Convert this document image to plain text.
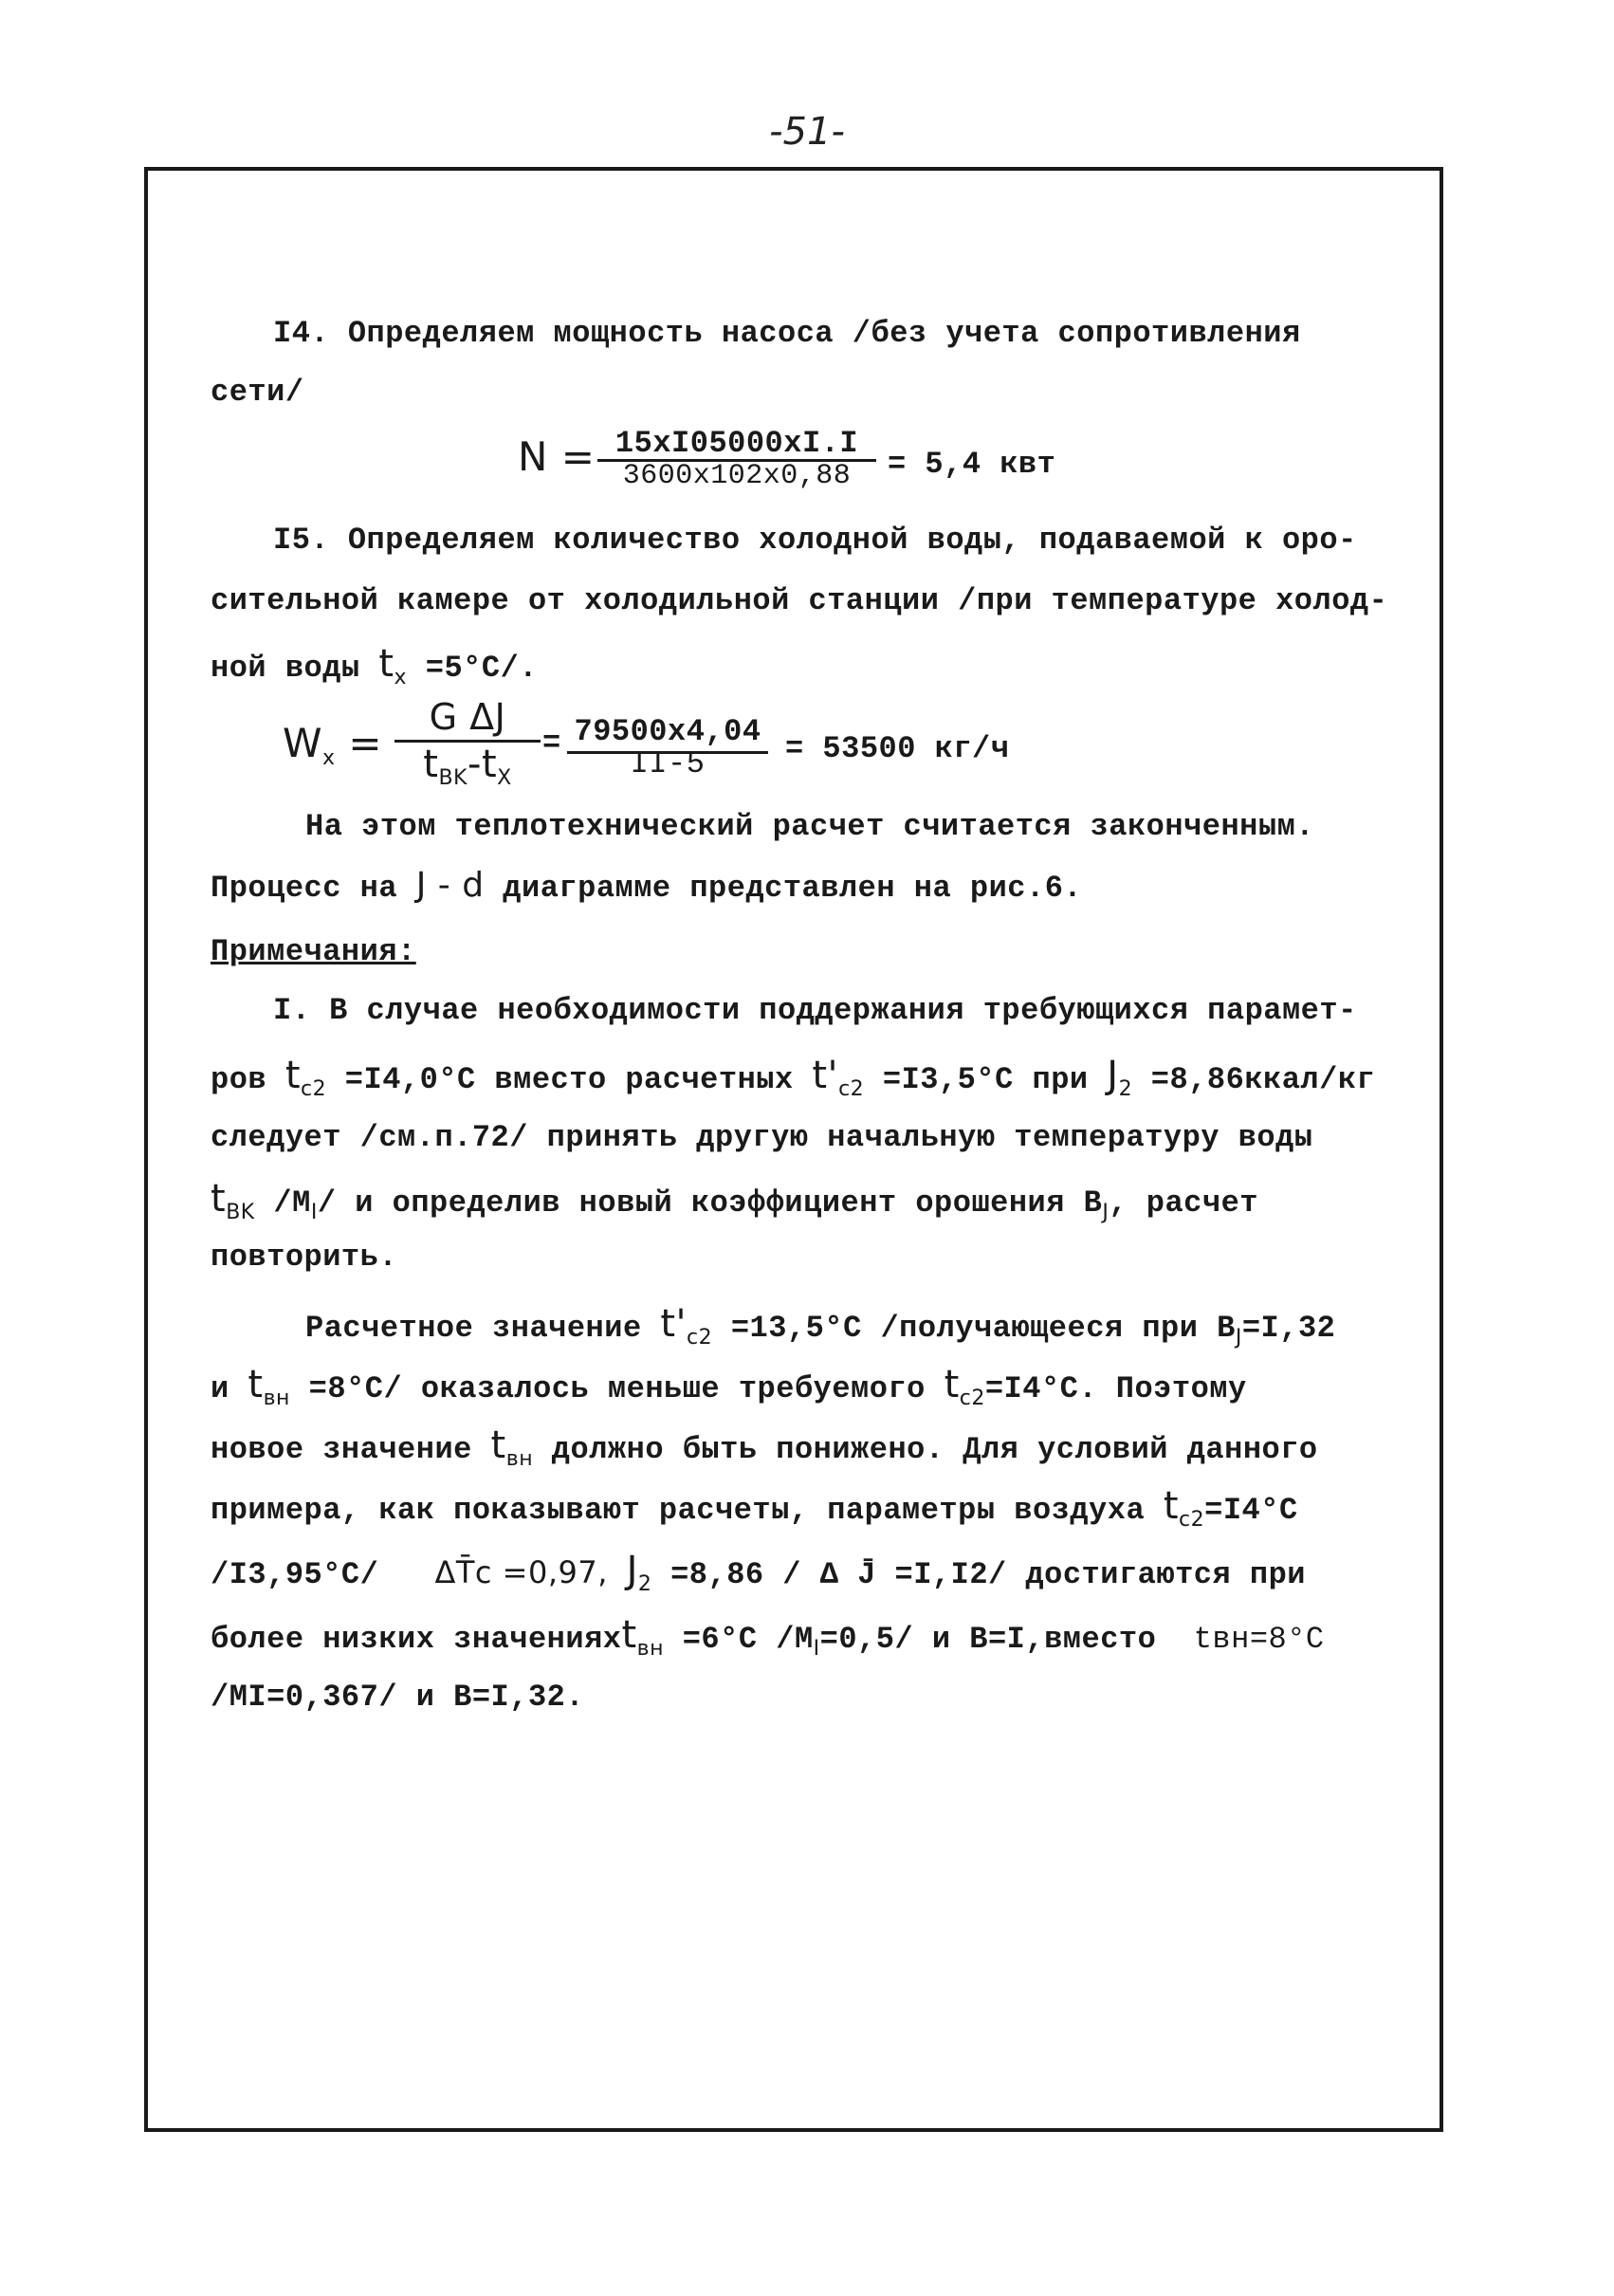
-51-
I4. Определяем мощность насоса /без учета сопротивления
сети/
N = 15xI05000xI.I
3600x102x0,88	= 5,4 квт
I5. Определяем количество холодной воды, подаваемой к оро-
сительной камере от холодильной станции /при температуре холод-
ной воды $t_x =5^\circ C/$.
Wx =
G ΔJ
$t_{BK}-t_X$
= 79500x4,04
II-5	= 53500 кг/ч
На этом теплотехнический расчет считается законченным.
Процесс на J - d диаграмме представлен на рис.6.
Примечания:
I. В случае необходимости поддержания требующихся парамет-
ров $t_{c2} =I4,0^\circ C$ вместо расчетных $t'_{c2} =I3,5^\circ C$ при $J_2$ =8,86ккал/кг
следует /см.п.72/ принять другую начальную температуру воды
$t_{BK}$ $/M_I/$ и определив новый коэффициент орошения $B_J$, расчет
повторить.
Расчетное значение $t'_{c2} =13,5^\circ C$ /получающееся при $B_J=I,32$
и $t_{вн} =8^\circ C/$ оказалось меньше требуемого $t_{c2}=I4^\circ C$. Поэтому
новое значение $t_{вн}$ должно быть понижено. Для условий данного
примера, как показывают расчеты, параметры воздуха $t_{c2}=I4^\circ C$
/I3,95°C/ ΔT̄c =0,97, $J_2 =8,86 / \Delta$ J̄ =I,I2/ достигаются при
более низких значенияхt$_{вн}$ =6°C $/M_I=0,5/$ и B=I,вместо tвн=8°C
/MI=0,367/ и B=I,32.
